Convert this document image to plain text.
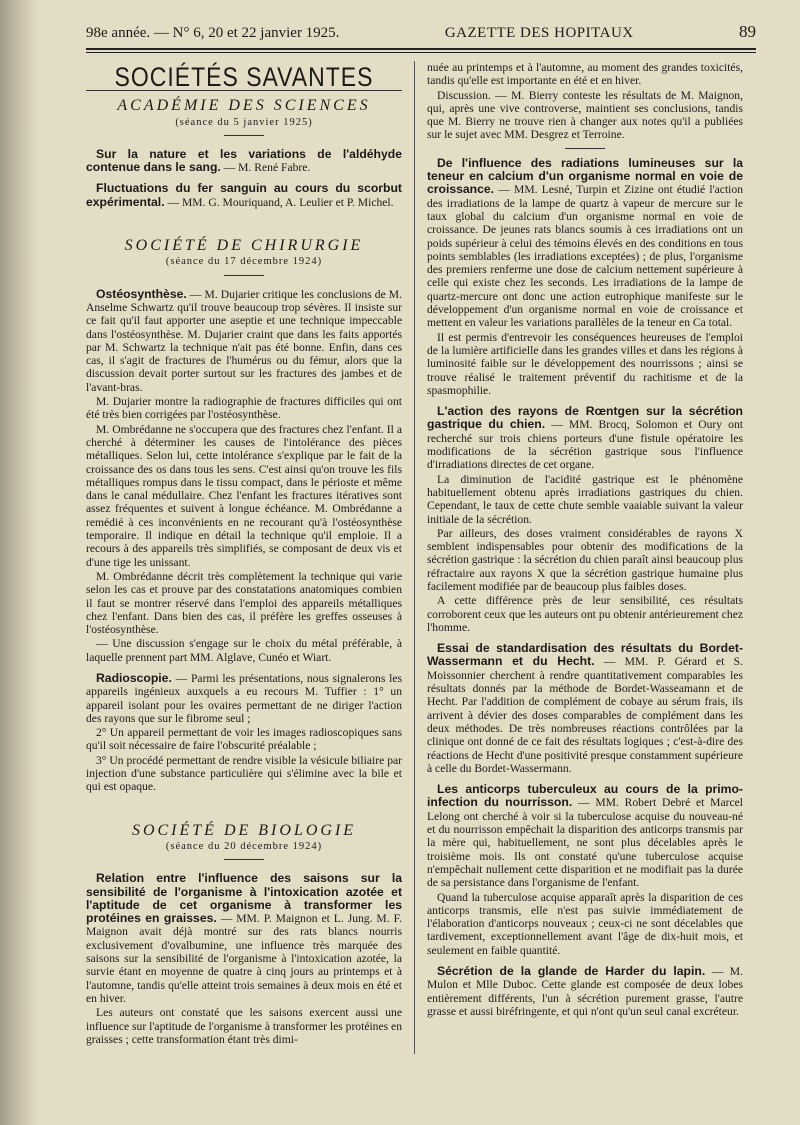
98e année. — N° 6, 20 et 22 janvier 1925.	GAZETTE DES HOPITAUX	89
SOCIÉTÉS SAVANTES
ACADÉMIE DES SCIENCES
(séance du 5 janvier 1925)

Sur la nature et les variations de l'aldéhyde contenue dans le sang. — M. René Fabre.

Fluctuations du fer sanguin au cours du scorbut expérimental. — MM. G. Mouriquand, A. Leulier et P. Michel.

SOCIÉTÉ DE CHIRURGIE
(séance du 17 décembre 1924)

Ostéosynthèse. — M. Dujarier critique les conclusions de M. Anselme Schwartz qu'il trouve beaucoup trop sévères. Il insiste sur ce fait qu'il faut apporter une aseptie et une technique impeccable dans l'ostéosynthèse. M. Dujarier craint que dans les faits apportés par M. Schwartz la technique n'ait pas été bonne. Enfin, dans ces cas, il s'agit de fractures de l'humérus ou du fémur, alors que la discussion devait porter surtout sur les fractures des jambes et de l'avant-bras.

M. Dujarier montre la radiographie de fractures difficiles qui ont été très bien corrigées par l'ostéosynthèse.

M. Ombrédanne ne s'occupera que des fractures chez l'enfant. Il a cherché à déterminer les causes de l'intolérance des pièces métalliques. Selon lui, cette intolérance s'explique par le fait de la croissance des os dans tous les sens. C'est ainsi qu'on trouve les fils métalliques rompus dans le tissu compact, dans le périoste et même dans le canal médullaire. Chez l'enfant les fractures itératives sont assez fréquentes et suivent à longue échéance. M. Ombrédanne a remédié à ces inconvénients en ne recourant qu'à l'ostéosynthèse temporaire. Il indique en détail la technique qu'il emploie. Il a recours à des appareils très simplifiés, se composant de deux vis et d'une tige les unissant.

M. Ombrédanne décrit très complètement la technique qui varie selon les cas et prouve par des constatations anatomiques combien il faut se montrer réservé dans l'emploi des appareils métalliques chez l'enfant. Dans bien des cas, il préfère les greffes osseuses à l'ostéosynthèse.

— Une discussion s'engage sur le choix du métal préférable, à laquelle prennent part MM. Alglave, Cunéo et Wiart.

Radioscopie. — Parmi les présentations, nous signalerons les appareils ingénieux auxquels a eu recours M. Tuffier : 1° un appareil isolant pour les ovaires permettant de ne diriger l'action des rayons que sur le fibrome seul ;

2° Un appareil permettant de voir les images radioscopiques sans qu'il soit nécessaire de faire l'obscurité préalable ;

3° Un procédé permettant de rendre visible la vésicule biliaire par injection d'une substance particulière qui s'élimine avec la bile et qui est opaque.

SOCIÉTÉ DE BIOLOGIE
(séance du 20 décembre 1924)

Relation entre l'influence des saisons sur la sensibilité de l'organisme à l'intoxication azotée et l'aptitude de cet organisme à transformer les protéines en graisses. — MM. P. Maignon et L. Jung. M. F. Maignon avait déjà montré sur des rats blancs nourris exclusivement d'ovalbumine, une influence très marquée des saisons sur la sensibilité de l'organisme à l'intoxication azotée, la survie étant en moyenne de quatre à cinq jours au printemps et à l'automne, tandis qu'elle atteint trois semaines à deux mois en été et en hiver.

Les auteurs ont constaté que les saisons exercent aussi une influence sur l'aptitude de l'organisme à transformer les protéines en graisses ; cette transformation étant très dimi-

nuée au printemps et à l'automne, au moment des grandes toxicités, tandis qu'elle est importante en été et en hiver.

Discussion. — M. Bierry conteste les résultats de M. Maignon, qui, après une vive controverse, maintient ses conclusions, tandis que M. Bierry ne trouve rien à changer aux notes qu'il a publiées sur le sujet avec MM. Desgrez et Terroine.

De l'influence des radiations lumineuses sur la teneur en calcium d'un organisme normal en voie de croissance. — MM. Lesné, Turpin et Zizine ont étudié l'action des irradiations de la lampe de quartz à vapeur de mercure sur le taux global du calcium d'un organisme normal en voie de croissance. De jeunes rats blancs soumis à ces irradiations ont un poids supérieur à celui des témoins élevés en des conditions en tous points semblables (les irradiations exceptées) ; de plus, l'organisme des premiers renferme une dose de calcium nettement supérieure à celle qui existe chez les seconds. Les irradiations de la lampe de quartz-mercure ont donc une action eutrophique manifeste sur le développement d'un organisme normal en voie de croissance et mettent en valeur les variations parallèles de la teneur en Ca total.

Il est permis d'entrevoir les conséquences heureuses de l'emploi de la lumière artificielle dans les grandes villes et dans les régions à luminosité faible sur le développement des nourrissons ; ainsi se trouve réalisé le traitement préventif du rachitisme et de la spasmophilie.

L'action des rayons de Rœntgen sur la sécrétion gastrique du chien. — MM. Brocq, Solomon et Oury ont recherché sur trois chiens porteurs d'une fistule opératoire les modifications de la sécrétion gastrique sous l'influence d'irradiations directes de cet organe.

La diminution de l'acidité gastrique est le phénomène habituellement obtenu après irradiations gastriques du chien. Cependant, le taux de cette chute semble vaaiable suivant la valeur initiale de la sécrétion.

Par ailleurs, des doses vraiment considérables de rayons X semblent indispensables pour obtenir des modifications de la sécrétion gastrique : la sécrétion du chien paraît ainsi beaucoup plus réfractaire aux rayons X que la sécrétion gastrique humaine plus facilement modifiée par de beaucoup plus faibles doses.

A cette différence près de leur sensibilité, ces résultats corroborent ceux que les auteurs ont pu obtenir antérieurement chez l'homme.

Essai de standardisation des résultats du Bordet-Wassermann et du Hecht. — MM. P. Gérard et S. Moissonnier cherchent à rendre quantitativement comparables les résultats donnés par la méthode de Bordet-Wasseamann et de Hecht. Par l'addition de complément de cobaye au sérum frais, ils arrivent à dévier des doses comparables de complément dans les deux méthodes. De très nombreuses réactions contrôlées par la clinique ont donné de ce fait des résultats logiques ; c'est-à-dire des réactions de Hecht d'une positivité presque constamment supérieure à celle du Bordet-Wassermann.

Les anticorps tuberculeux au cours de la primo-infection du nourrisson. — MM. Robert Debré et Marcel Lelong ont cherché à voir si la tuberculose acquise du nouveau-né et du nourrisson empêchait la disparition des anticorps transmis par la mère qui, habituellement, ne sont plus décelables après le troisième mois. Ils ont constaté qu'une tuberculose acquise n'empêchait nullement cette disparition et ne modifiait pas la durée de sa persistance dans l'organisme de l'enfant.

Quand la tuberculose acquise apparaît après la disparition de ces anticorps transmis, elle n'est pas suivie immédiatement de l'élaboration d'anticorps nouveaux ; ceux-ci ne sont décelables que tardivement, exceptionnellement avant l'âge de dix-huit mois, et seulement en faible quantité.

Sécrétion de la glande de Harder du lapin. — M. Mulon et Mlle Duboc. Cette glande est composée de deux lobes entièrement différents, l'un à sécrétion purement grasse, l'autre grasse et aussi biréfringente, et qui n'ont qu'un seul canal excréteur.
